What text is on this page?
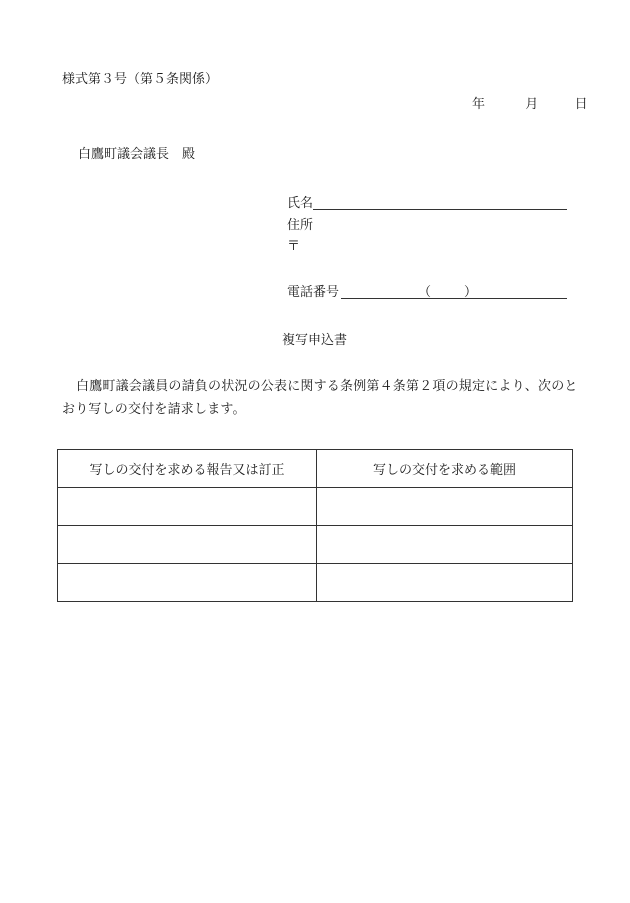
様式第３号（第５条関係）
年	月	日
白鷹町議会議長 殿
氏名
住所
〒
電話番号	（	）
複写申込書
白鷹町議会議員の請負の状況の公表に関する条例第４条第２項の規定により、次のとおり写しの交付を請求します。
写しの交付を求める報告又は訂正	写しの交付を求める範囲
